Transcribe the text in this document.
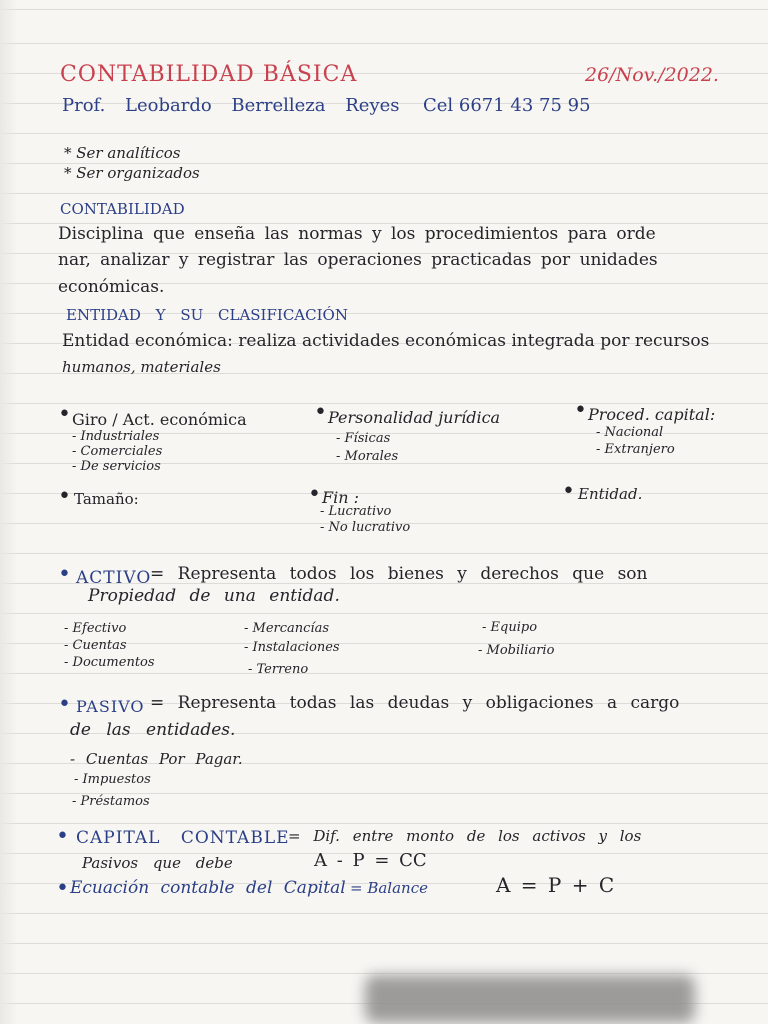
CONTABILIDAD BÁSICA	26/Nov./2022.
Prof. Leobardo Berrelleza Reyes Cel 6671 43 75 95
* Ser analíticos
* Ser organizados
CONTABILIDAD
Disciplina que enseña las normas y los procedimientos para orde
nar, analizar y registrar las operaciones practicadas por unidades
económicas.
ENTIDAD Y SU CLASIFICACIÓN
Entidad económica: realiza actividades económicas integrada por recursos
humanos, materiales
• Giro / Act. económica
- Industriales
- Comerciales
- De servicios
• Personalidad jurídica
- Físicas
- Morales
• Proced. capital:
- Nacional
- Extranjero
• Tamaño:	• Fin :
- Lucrativo
- No lucrativo
• Entidad.
• ACTIVO
= Representa todos los bienes y derechos que son
Propiedad de una entidad.
- Efectivo
- Cuentas
- Documentos
- Mercancías
- Instalaciones
- Terreno
- Equipo
- Mobiliario
• PASIVO = Representa todas las deudas y obligaciones a cargo
de las entidades.
- Cuentas Por Pagar.
- Impuestos
- Préstamos
• CAPITAL CONTABLE
= Dif. entre monto de los activos y los
Pasivos que debe	A - P = CC
• Ecuación contable del Capital = Balance	A = P + C
